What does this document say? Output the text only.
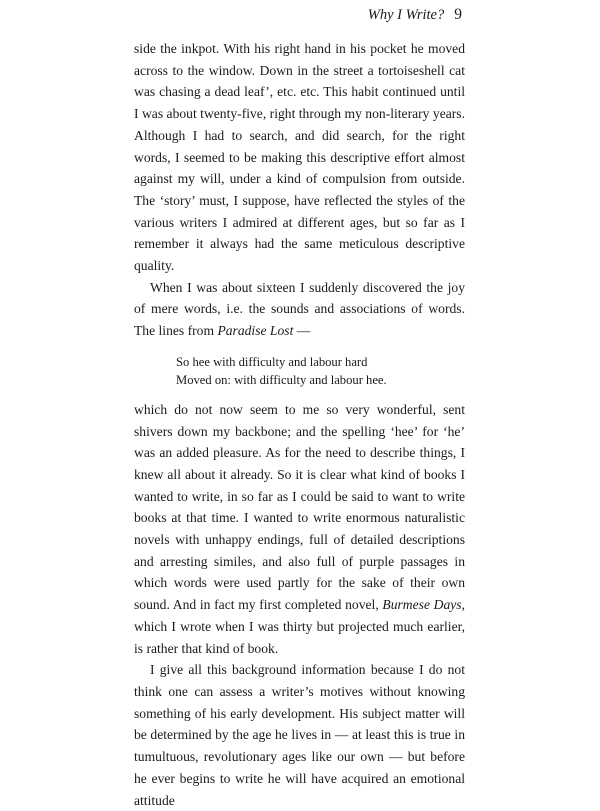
Why I Write? 9

side the inkpot. With his right hand in his pocket he moved across to the window. Down in the street a tortoiseshell cat was chasing a dead leaf’, etc. etc. This habit continued until I was about twenty-five, right through my non-literary years. Although I had to search, and did search, for the right words, I seemed to be making this descriptive effort almost against my will, under a kind of compulsion from outside. The ‘story’ must, I suppose, have reflected the styles of the various writers I admired at different ages, but so far as I remember it always had the same meticulous descriptive quality.

When I was about sixteen I suddenly discovered the joy of mere words, i.e. the sounds and associations of words. The lines from Paradise Lost —

So hee with difficulty and labour hard
Moved on: with difficulty and labour hee.

which do not now seem to me so very wonderful, sent shivers down my backbone; and the spelling ‘hee’ for ‘he’ was an added pleasure. As for the need to describe things, I knew all about it already. So it is clear what kind of books I wanted to write, in so far as I could be said to want to write books at that time. I wanted to write enormous naturalistic novels with unhappy endings, full of detailed descriptions and arresting similes, and also full of purple passages in which words were used partly for the sake of their own sound. And in fact my first completed novel, Burmese Days, which I wrote when I was thirty but projected much earlier, is rather that kind of book.

I give all this background information because I do not think one can assess a writer’s motives without knowing something of his early development. His subject matter will be determined by the age he lives in — at least this is true in tumultuous, revolutionary ages like our own — but before he ever begins to write he will have acquired an emotional attitude
